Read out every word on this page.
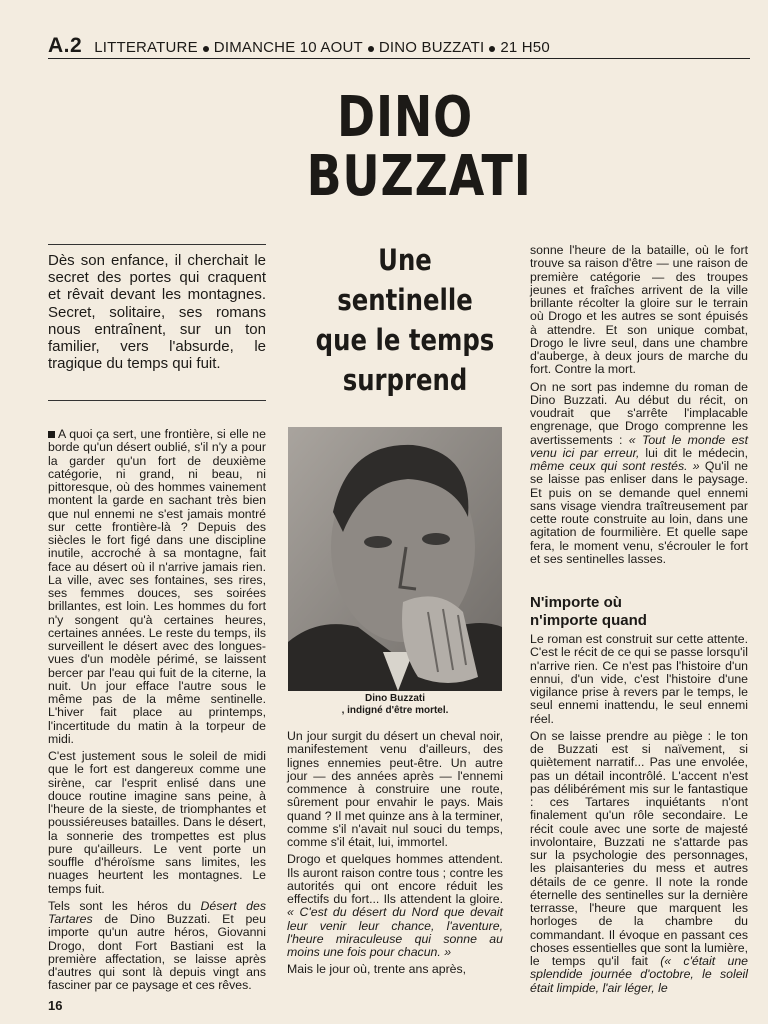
A.2 LITTERATURE DIMANCHE 10 AOUT DINO BUZZATI 21 H50
DINO
BUZZATI
Une
sentinelle
que le temps
surprend
Dès son enfance, il cherchait le secret des portes qui craquent et rêvait devant les montagnes. Secret, solitaire, ses romans nous entraînent, sur un ton familier, vers l'absurde, le tragique du temps qui fuit.

A quoi ça sert, une frontière, si elle ne borde qu'un désert oublié, s'il n'y a pour la garder qu'un fort de deuxième catégorie, ni grand, ni beau, ni pittoresque, où des hommes vainement montent la garde en sachant très bien que nul ennemi ne s'est jamais montré sur cette frontière-là ? Depuis des siècles le fort figé dans une discipline inutile, accroché à sa montagne, fait face au désert où il n'arrive jamais rien. La ville, avec ses fontaines, ses rires, ses femmes douces, ses soirées brillantes, est loin. Les hommes du fort n'y songent qu'à certaines heures, certaines années. Le reste du temps, ils surveillent le désert avec des longues-vues d'un modèle périmé, se laissent bercer par l'eau qui fuit de la citerne, la nuit. Un jour efface l'autre sous le même pas de la même sentinelle. L'hiver fait place au printemps, l'incertitude du matin à la torpeur de midi.

C'est justement sous le soleil de midi que le fort est dangereux comme une sirène, car l'esprit enlisé dans une douce routine imagine sans peine, à l'heure de la sieste, de triomphantes et poussiéreuses batailles. Dans le désert, la sonnerie des trompettes est plus pure qu'ailleurs. Le vent porte un souffle d'héroïsme sans limites, les nuages heurtent les montagnes. Le temps fuit.

Tels sont les héros du Désert des Tartares de Dino Buzzati. Et peu importe qu'un autre héros, Giovanni Drogo, dont Fort Bastiani est la première affectation, se laisse après d'autres qui sont là depuis vingt ans fasciner par ce paysage et ces rêves.

Dino Buzzati
, indigné d'être mortel.

Un jour surgit du désert un cheval noir, manifestement venu d'ailleurs, des lignes ennemies peut-être. Un autre jour — des années après — l'ennemi commence à construire une route, sûrement pour envahir le pays. Mais quand ? Il met quinze ans à la terminer, comme s'il n'avait nul souci du temps, comme s'il était, lui, immortel.

Drogo et quelques hommes attendent. Ils auront raison contre tous ; contre les autorités qui ont encore réduit les effectifs du fort... Ils attendent la gloire. « C'est du désert du Nord que devait leur venir leur chance, l'aventure, l'heure miraculeuse qui sonne au moins une fois pour chacun. »

Mais le jour où, trente ans après,

sonne l'heure de la bataille, où le fort trouve sa raison d'être — une raison de première catégorie — des troupes jeunes et fraîches arrivent de la ville brillante récolter la gloire sur le terrain où Drogo et les autres se sont épuisés à attendre. Et son unique combat, Drogo le livre seul, dans une chambre d'auberge, à deux jours de marche du fort. Contre la mort.

On ne sort pas indemne du roman de Dino Buzzati. Au début du récit, on voudrait que s'arrête l'implacable engrenage, que Drogo comprenne les avertissements : « Tout le monde est venu ici par erreur, lui dit le médecin, même ceux qui sont restés. » Qu'il ne se laisse pas enliser dans le paysage. Et puis on se demande quel ennemi sans visage viendra traîtreusement par cette route construite au loin, dans une agitation de fourmilière. Et quelle sape fera, le moment venu, s'écrouler le fort et ses sentinelles lasses.

N'importe où
n'importe quand

Le roman est construit sur cette attente. C'est le récit de ce qui se passe lorsqu'il n'arrive rien. Ce n'est pas l'histoire d'un ennui, d'un vide, c'est l'histoire d'une vigilance prise à revers par le temps, le seul ennemi inattendu, le seul ennemi réel.

On se laisse prendre au piège : le ton de Buzzati est si naïvement, si quiètement narratif... Pas une envolée, pas un détail incontrôlé. L'accent n'est pas délibérément mis sur le fantastique : ces Tartares inquiétants n'ont finalement qu'un rôle secondaire. Le récit coule avec une sorte de majesté involontaire, Buzzati ne s'attarde pas sur la psychologie des personnages, les plaisanteries du mess et autres détails de ce genre. Il note la ronde éternelle des sentinelles sur la dernière terrasse, l'heure que marquent les horloges de la chambre du commandant. Il évoque en passant ces choses essentielles que sont la lumière, le temps qu'il fait (« c'était une splendide journée d'octobre, le soleil était limpide, l'air léger, le

16
